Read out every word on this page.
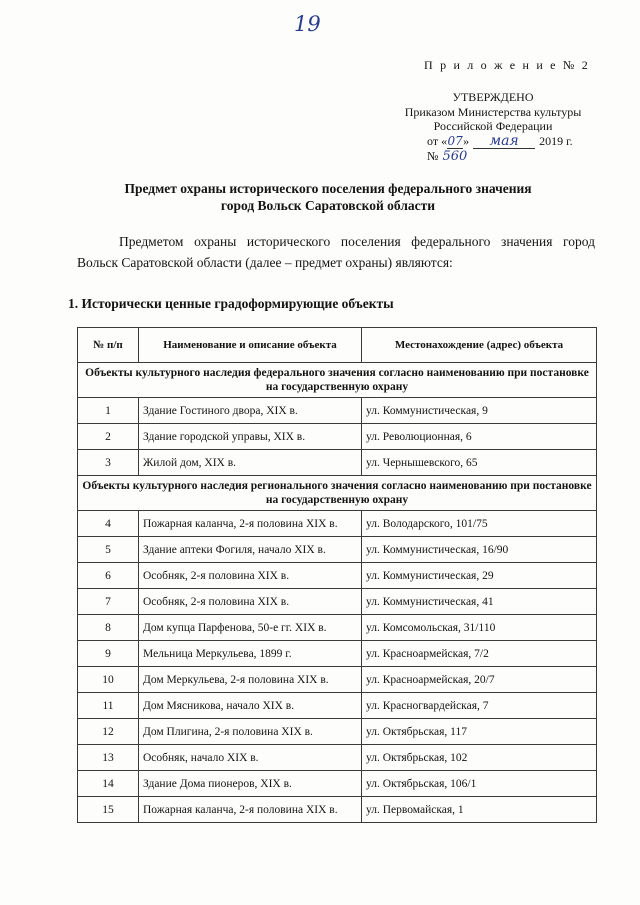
19
П р и л о ж е н и е № 2
УТВЕРЖДЕНО
Приказом Министерства культуры
Российской Федерации
от «07» мая 2019 г.
№ 560
Предмет охраны исторического поселения федерального значения
город Вольск Саратовской области
Предметом охраны исторического поселения федерального значения город Вольск Саратовской области (далее – предмет охраны) являются:
1. Исторически ценные градоформирующие объекты
№ п/п	Наименование и описание объекта	Местонахождение (адрес) объекта
Объекты культурного наследия федерального значения согласно наименованию при постановке на государственную охрану		
1	Здание Гостиного двора, XIX в.	ул. Коммунистическая, 9
2	Здание городской управы, XIX в.	ул. Революционная, 6
3	Жилой дом, XIX в.	ул. Чернышевского, 65
Объекты культурного наследия регионального значения согласно наименованию при постановке на государственную охрану		
4	Пожарная каланча, 2-я половина XIX в.	ул. Володарского, 101/75
5	Здание аптеки Фогиля, начало XIX в.	ул. Коммунистическая, 16/90
6	Особняк, 2-я половина XIX в.	ул. Коммунистическая, 29
7	Особняк, 2-я половина XIX в.	ул. Коммунистическая, 41
8	Дом купца Парфенова, 50-е гг. XIX в.	ул. Комсомольская, 31/110
9	Мельница Меркульева, 1899 г.	ул. Красноармейская, 7/2
10	Дом Меркульева, 2-я половина XIX в.	ул. Красноармейская, 20/7
11	Дом Мясникова, начало XIX в.	ул. Красногвардейская, 7
12	Дом Плигина, 2-я половина XIX в.	ул. Октябрьская, 117
13	Особняк, начало XIX в.	ул. Октябрьская, 102
14	Здание Дома пионеров, XIX в.	ул. Октябрьская, 106/1
15	Пожарная каланча, 2-я половина XIX в.	ул. Первомайская, 1
